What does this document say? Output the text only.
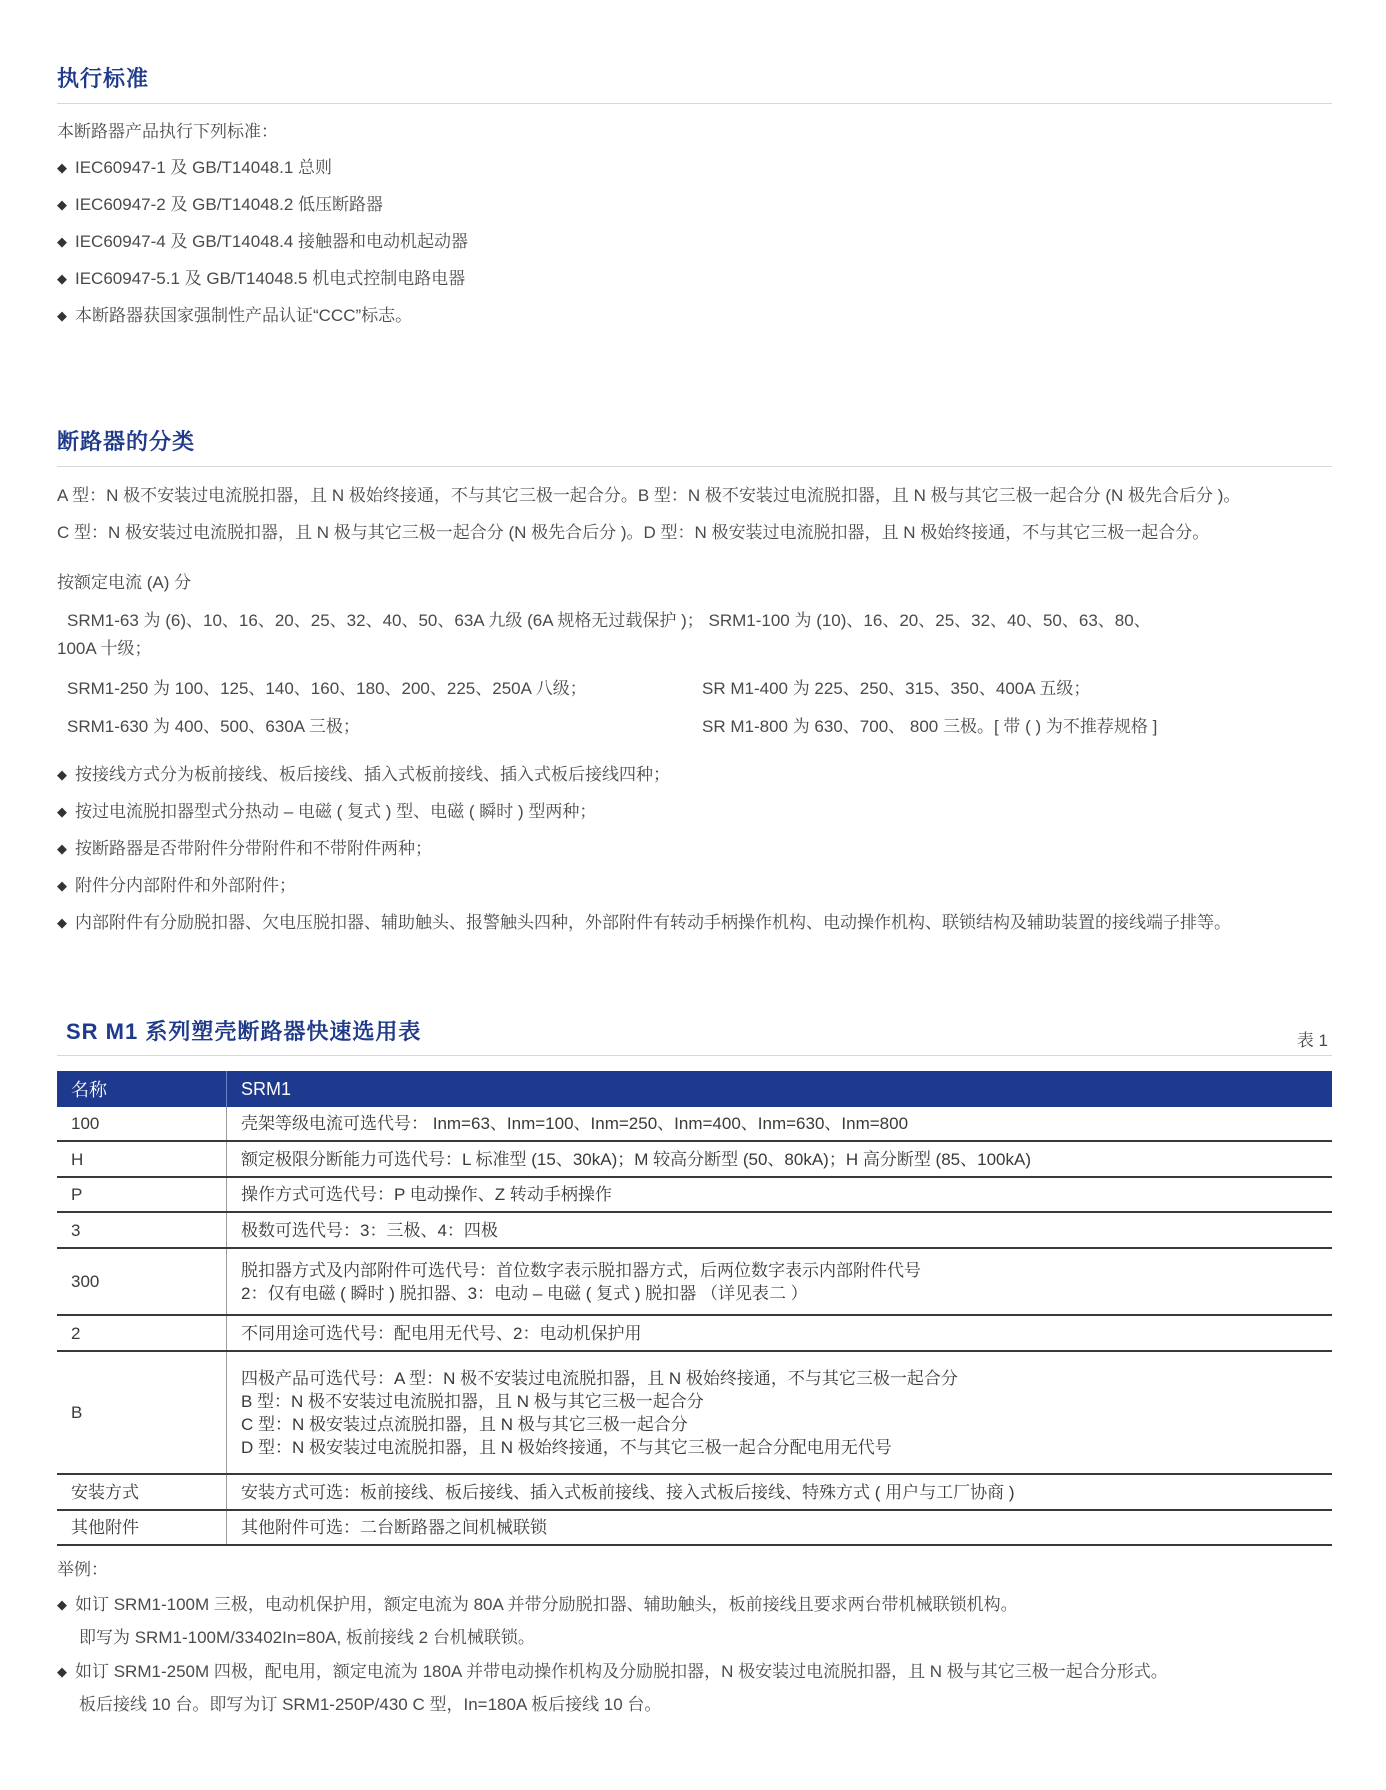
执行标准
本断路器产品执行下列标准：
◆ IEC60947-1 及 GB/T14048.1 总则
◆ IEC60947-2 及 GB/T14048.2 低压断路器
◆ IEC60947-4 及 GB/T14048.4 接触器和电动机起动器
◆ IEC60947-5.1 及 GB/T14048.5 机电式控制电路电器
◆ 本断路器获国家强制性产品认证“CCC”标志。
断路器的分类
A 型：N 极不安装过电流脱扣器，且 N 极始终接通，不与其它三极一起合分。B 型：N 极不安装过电流脱扣器，且 N 极与其它三极一起合分 (N 极先合后分 )。
C 型：N 极安装过电流脱扣器，且 N 极与其它三极一起合分 (N 极先合后分 )。D 型：N 极安装过电流脱扣器，且 N 极始终接通，不与其它三极一起合分。
按额定电流 (A) 分
SRM1-63 为 (6)、10、16、20、25、32、40、50、63A 九级 (6A 规格无过载保护 )； SRM1-100 为 (10)、16、20、25、32、40、50、63、80、
100A 十级；
SRM1-250 为 100、125、140、160、180、200、225、250A 八级；	SR M1-400 为 225、250、315、350、400A 五级；
SRM1-630 为 400、500、630A 三极；	SR M1-800 为 630、700、 800 三极。[ 带 ( ) 为不推荐规格 ]
◆ 按接线方式分为板前接线、板后接线、插入式板前接线、插入式板后接线四种；
◆ 按过电流脱扣器型式分热动 – 电磁 ( 复式 ) 型、电磁 ( 瞬时 ) 型两种；
◆ 按断路器是否带附件分带附件和不带附件两种；
◆ 附件分内部附件和外部附件；
◆ 内部附件有分励脱扣器、欠电压脱扣器、辅助触头、报警触头四种，外部附件有转动手柄操作机构、电动操作机构、联锁结构及辅助装置的接线端子排等。
SR M1 系列塑壳断路器快速选用表	表 1
名称	SRM1
100	壳架等级电流可选代号： Inm=63、Inm=100、Inm=250、Inm=400、Inm=630、Inm=800

H	额定极限分断能力可选代号：L 标准型 (15、30kA)；M 较高分断型 (50、80kA)；H 高分断型 (85、100kA)

P	操作方式可选代号：P 电动操作、Z 转动手柄操作

3	极数可选代号：3：三极、4：四极

300	脱扣器方式及内部附件可选代号：首位数字表示脱扣器方式，后两位数字表示内部附件代号
2：仅有电磁 ( 瞬时 ) 脱扣器、3：电动 – 电磁 ( 复式 ) 脱扣器 （详见表二 ）

2	不同用途可选代号：配电用无代号、2：电动机保护用

B	四极产品可选代号：A 型：N 极不安装过电流脱扣器，且 N 极始终接通，不与其它三极一起合分
B 型：N 极不安装过电流脱扣器，且 N 极与其它三极一起合分
C 型：N 极安装过点流脱扣器，且 N 极与其它三极一起合分
D 型：N 极安装过电流脱扣器，且 N 极始终接通，不与其它三极一起合分配电用无代号

安装方式	安装方式可选：板前接线、板后接线、插入式板前接线、接入式板后接线、特殊方式 ( 用户与工厂协商 )

其他附件	其他附件可选：二台断路器之间机械联锁
举例：
◆ 如订 SRM1-100M 三极，电动机保护用，额定电流为 80A 并带分励脱扣器、辅助触头，板前接线且要求两台带机械联锁机构。
即写为 SRM1-100M/33402In=80A, 板前接线 2 台机械联锁。
◆ 如订 SRM1-250M 四极，配电用，额定电流为 180A 并带电动操作机构及分励脱扣器，N 极安装过电流脱扣器，且 N 极与其它三极一起合分形式。
板后接线 10 台。即写为订 SRM1-250P/430 C 型，In=180A 板后接线 10 台。
